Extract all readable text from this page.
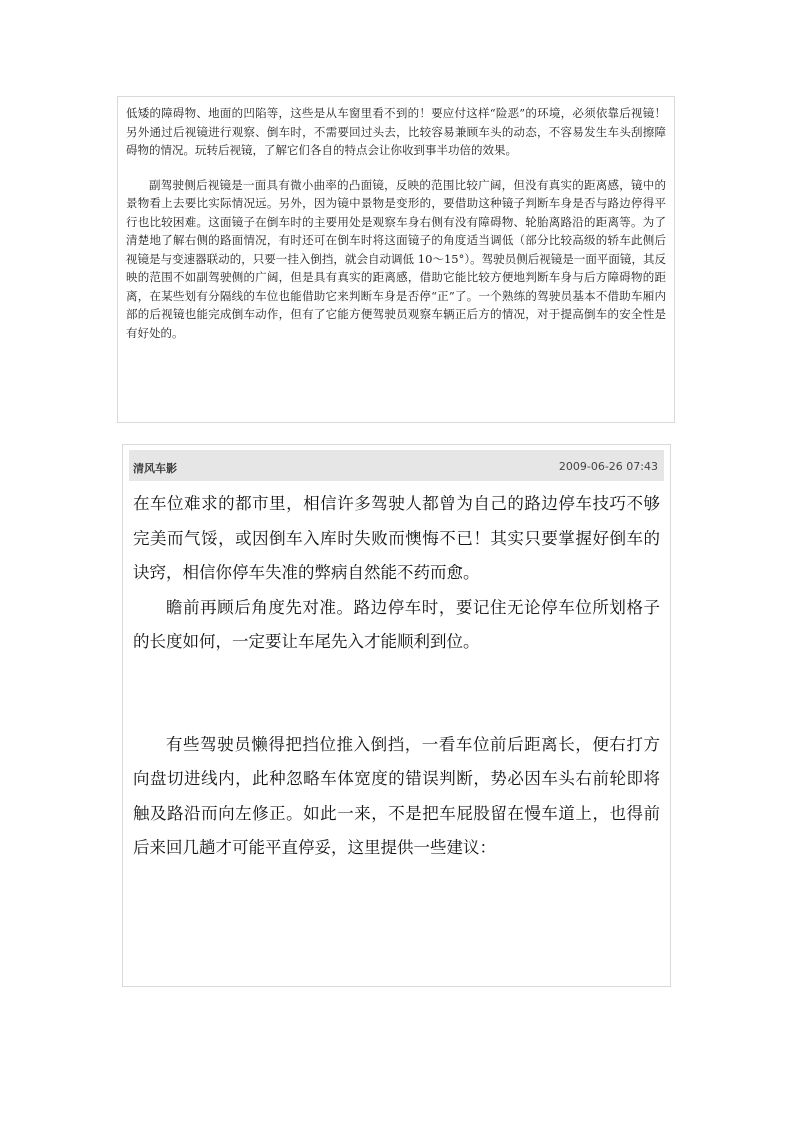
低矮的障碍物、地面的凹陷等，这些是从车窗里看不到的！要应付这样“险恶”的环境，必须依靠后视镜！另外通过后视镜进行观察、倒车时，不需要回过头去，比较容易兼顾车头的动态，不容易发生车头刮擦障碍物的情况。玩转后视镜，了解它们各自的特点会让你收到事半功倍的效果。

副驾驶侧后视镜是一面具有微小曲率的凸面镜，反映的范围比较广阔，但没有真实的距离感，镜中的景物看上去要比实际情况远。另外，因为镜中景物是变形的，要借助这种镜子判断车身是否与路边停得平行也比较困难。这面镜子在倒车时的主要用处是观察车身右侧有没有障碍物、轮胎离路沿的距离等。为了清楚地了解右侧的路面情况，有时还可在倒车时将这面镜子的角度适当调低（部分比较高级的轿车此侧后视镜是与变速器联动的，只要一挂入倒挡，就会自动调低 10～15°）。驾驶员侧后视镜是一面平面镜，其反映的范围不如副驾驶侧的广阔，但是具有真实的距离感，借助它能比较方便地判断车身与后方障碍物的距离，在某些划有分隔线的车位也能借助它来判断车身是否停“正”了。一个熟练的驾驶员基本不借助车厢内部的后视镜也能完成倒车动作，但有了它能方便驾驶员观察车辆正后方的情况，对于提高倒车的安全性是有好处的。

清风车影	2009-06-26 07:43

在车位难求的都市里，相信许多驾驶人都曾为自己的路边停车技巧不够完美而气馁，或因倒车入库时失败而懊悔不已！其实只要掌握好倒车的诀窍，相信你停车失准的弊病自然能不药而愈。

瞻前再顾后角度先对准。路边停车时，要记住无论停车位所划格子的长度如何，一定要让车尾先入才能顺利到位。

有些驾驶员懒得把挡位推入倒挡，一看车位前后距离长，便右打方向盘切进线内，此种忽略车体宽度的错误判断，势必因车头右前轮即将触及路沿而向左修正。如此一来，不是把车屁股留在慢车道上，也得前后来回几趟才可能平直停妥，这里提供一些建议：
